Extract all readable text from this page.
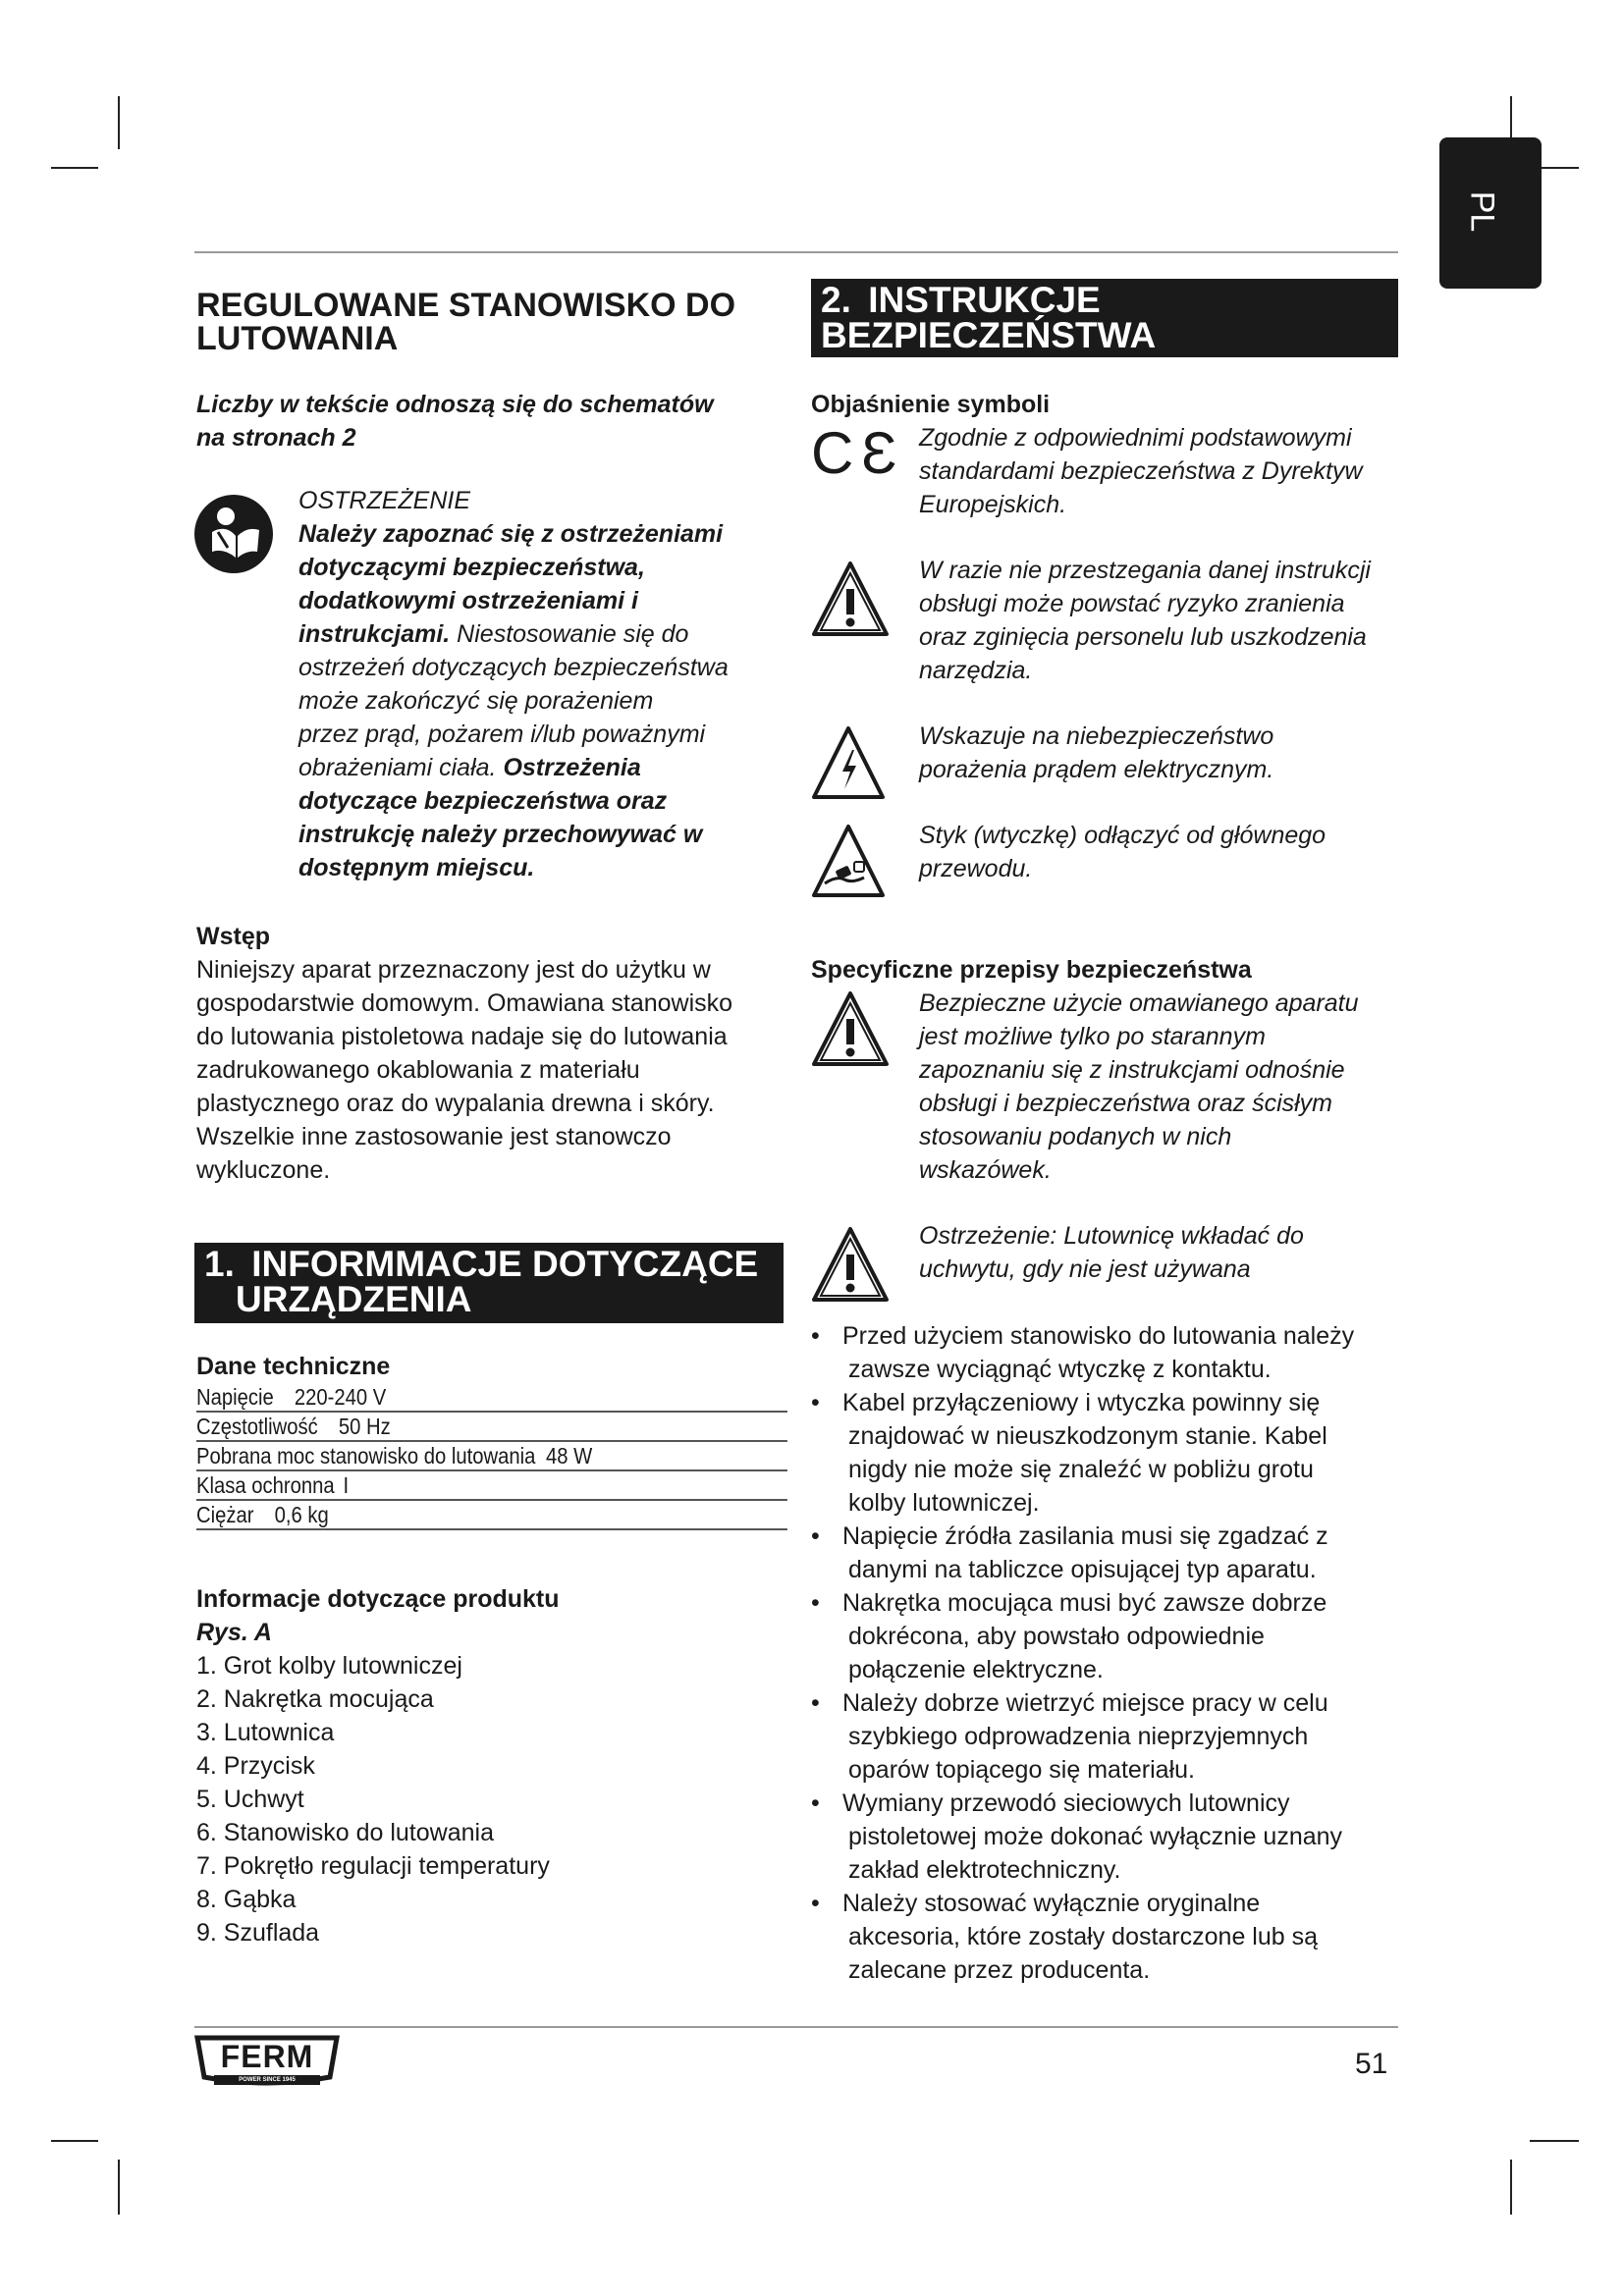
PL
REGULOWANE STANOWISKO DO
LUTOWANIA
Liczby w tekście odnoszą się do schematów
na stronach 2
OSTRZEŻENIE
Należy zapoznać się z ostrzeżeniami
dotyczącymi bezpieczeństwa,
dodatkowymi ostrzeżeniami i
instrukcjami. Niestosowanie się do
ostrzeżeń dotyczących bezpieczeństwa
może zakończyć się porażeniem
przez prąd, pożarem i/lub poważnymi
obrażeniami ciała. Ostrzeżenia
dotyczące bezpieczeństwa oraz
instrukcję należy przechowywać w
dostępnym miejscu.
Wstęp
Niniejszy aparat przeznaczony jest do użytku w
gospodarstwie domowym. Omawiana stanowisko
do lutowania pistoletowa nadaje się do lutowania
zadrukowanego okablowania z materiału
plastycznego oraz do wypalania drewna i skóry.
Wszelkie inne zastosowanie jest stanowczo
wykluczone.
1. INFORMMACJE DOTYCZĄCE
URZĄDZENIA
Dane techniczne
Napięcie 220-240 V
Częstotliwość 50 Hz
Pobrana moc stanowisko do lutowania 48 W
Klasa ochronna I
Ciężar 0,6 kg
Informacje dotyczące produktu
Rys. A
1. Grot kolby lutowniczej
2. Nakrętka mocująca
3. Lutownica
4. Przycisk
5. Uchwyt
6. Stanowisko do lutowania
7. Pokrętło regulacji temperatury
8. Gąbka
9. Szuflada
2. INSTRUKCJE
BEZPIECZEŃSTWA
Objaśnienie symboli
C Ɛ Zgodnie z odpowiednimi podstawowymi
standardami bezpieczeństwa z Dyrektyw
Europejskich.
W razie nie przestzegania danej instrukcji
obsługi może powstać ryzyko zranienia
oraz zginięcia personelu lub uszkodzenia
narzędzia.
Wskazuje na niebezpieczeństwo
porażenia prądem elektrycznym.
Styk (wtyczkę) odłączyć od głównego
przewodu.
Specyficzne przepisy bezpieczeństwa
Bezpieczne użycie omawianego aparatu
jest możliwe tylko po starannym
zapoznaniu się z instrukcjami odnośnie
obsługi i bezpieczeństwa oraz ścisłym
stosowaniu podanych w nich
wskazówek.
Ostrzeżenie: Lutownicę wkładać do
uchwytu, gdy nie jest używana
• Przed użyciem stanowisko do lutowania należy
zawsze wyciągnąć wtyczkę z kontaktu.
• Kabel przyłączeniowy i wtyczka powinny się
znajdować w nieuszkodzonym stanie. Kabel
nigdy nie może się znaleźć w pobliżu grotu
kolby lutowniczej.
• Napięcie źródła zasilania musi się zgadzać z
danymi na tabliczce opisującej typ aparatu.
• Nakrętka mocująca musi być zawsze dobrze
dokrécona, aby powstało odpowiednie
połączenie elektryczne.
• Należy dobrze wietrzyć miejsce pracy w celu
szybkiego odprowadzenia nieprzyjemnych
oparów topiącego się materiału.
• Wymiany przewodó sieciowych lutownicy
pistoletowej może dokonać wyłącznie uznany
zakład elektrotechniczny.
• Należy stosować wyłącznie oryginalne
akcesoria, które zostały dostarczone lub są
zalecane przez producenta.
FERM
POWER SINCE 1945	51
